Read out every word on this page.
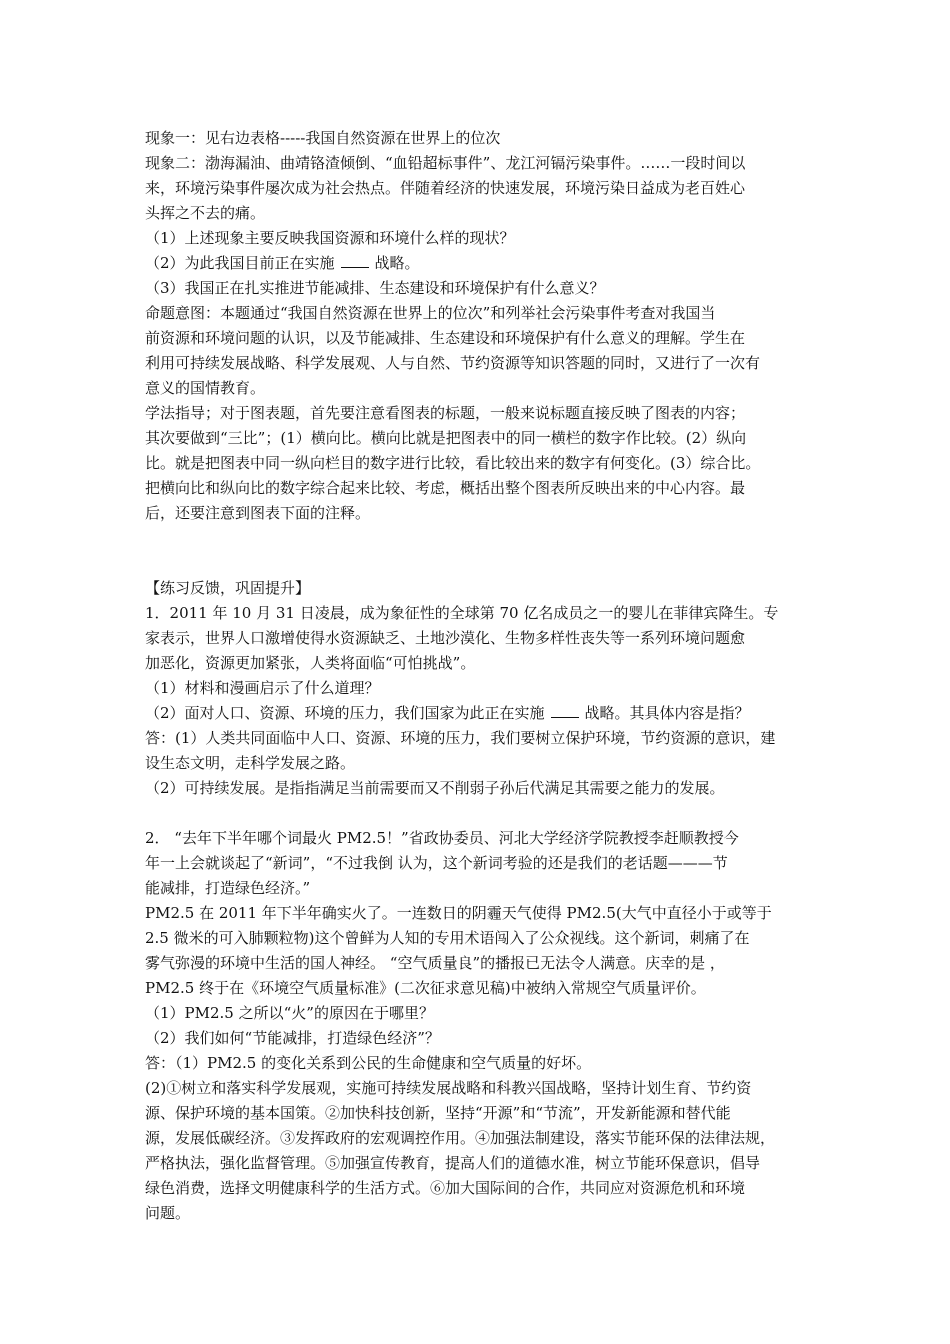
现象一：见右边表格-----我国自然资源在世界上的位次
现象二：渤海漏油、曲靖铬渣倾倒、“血铅超标事件”、龙江河镉污染事件。……一段时间以
来，环境污染事件屡次成为社会热点。伴随着经济的快速发展，环境污染日益成为老百姓心
头挥之不去的痛。
（1）上述现象主要反映我国资源和环境什么样的现状？
（2）为此我国目前正在实施	战略。
（3）我国正在扎实推进节能减排、生态建设和环境保护有什么意义？
命题意图：本题通过“我国自然资源在世界上的位次”和列举社会污染事件考查对我国当
前资源和环境问题的认识，以及节能减排、生态建设和环境保护有什么意义的理解。学生在
利用可持续发展战略、科学发展观、人与自然、节约资源等知识答题的同时，又进行了一次有
意义的国情教育。
学法指导；对于图表题，首先要注意看图表的标题，一般来说标题直接反映了图表的内容；
其次要做到“三比”；(1）横向比。横向比就是把图表中的同一横栏的数字作比较。(2）纵向
比。就是把图表中同一纵向栏目的数字进行比较，看比较出来的数字有何变化。(3）综合比。
把横向比和纵向比的数字综合起来比较、考虑，概括出整个图表所反映出来的中心内容。最
后，还要注意到图表下面的注释。
【练习反馈，巩固提升】
1．2011 年 10 月 31 日凌晨，成为象征性的全球第 70 亿名成员之一的婴儿在菲律宾降生。专
家表示，世界人口激增使得水资源缺乏、土地沙漠化、生物多样性丧失等一系列环境问题愈
加恶化，资源更加紧张，人类将面临“可怕挑战”。
（1）材料和漫画启示了什么道理？
（2）面对人口、资源、环境的压力，我们国家为此正在实施	战略。其具体内容是指？
答：(1）人类共同面临中人口、资源、环境的压力，我们要树立保护环境，节约资源的意识，建
设生态文明，走科学发展之路。
（2）可持续发展。是指指满足当前需要而又不削弱子孙后代满足其需要之能力的发展。
2． “去年下半年哪个词最火 PM2.5！”省政协委员、河北大学经济学院教授李赶顺教授今
年一上会就谈起了“新词”，“不过我倒 认为，这个新词考验的还是我们的老话题———节
能减排，打造绿色经济。”
PM2.5 在 2011 年下半年确实火了。一连数日的阴霾天气使得 PM2.5(大气中直径小于或等于
2.5 微米的可入肺颗粒物)这个曾鲜为人知的专用术语闯入了公众视线。这个新词，刺痛了在
雾气弥漫的环境中生活的国人神经。 “空气质量良”的播报已无法令人满意。庆幸的是 ，
PM2.5 终于在《环境空气质量标准》(二次征求意见稿)中被纳入常规空气质量评价。
（1）PM2.5 之所以“火”的原因在于哪里？
（2）我们如何“节能减排，打造绿色经济”？
答：（1）PM2.5 的变化关系到公民的生命健康和空气质量的好坏。
(2)①树立和落实科学发展观，实施可持续发展战略和科教兴国战略，坚持计划生育、节约资
源、保护环境的基本国策。②加快科技创新，坚持“开源”和“节流”，开发新能源和替代能
源，发展低碳经济。③发挥政府的宏观调控作用。④加强法制建设，落实节能环保的法律法规，
严格执法，强化监督管理。⑤加强宣传教育，提高人们的道德水准，树立节能环保意识，倡导
绿色消费，选择文明健康科学的生活方式。⑥加大国际间的合作，共同应对资源危机和环境
问题。
